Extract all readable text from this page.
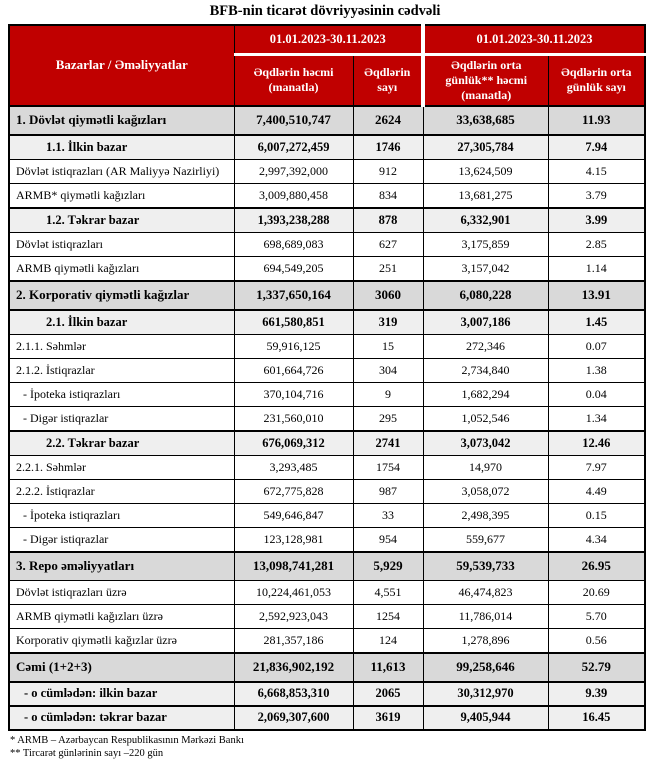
BFB-nin ticarət dövriyyəsinin cədvəli
Bazarlar / Əməliyyatlar	01.01.2023-30.11.2023		01.01.2023-30.11.2023	
	Əqdlərin həcmi (manatla)	Əqdlərin sayı	Əqdlərin orta günlük** həcmi (manatla)	Əqdlərin orta günlük sayı
1. Dövlət qiymətli kağızları	7,400,510,747	2624	33,638,685	11.93
1.1. İlkin bazar	6,007,272,459	1746	27,305,784	7.94
Dövlət istiqrazları (AR Maliyyə Nazirliyi)	2,997,392,000	912	13,624,509	4.15
ARMB* qiymətli kağızları	3,009,880,458	834	13,681,275	3.79
1.2. Təkrar bazar	1,393,238,288	878	6,332,901	3.99
Dövlət istiqrazları	698,689,083	627	3,175,859	2.85
ARMB qiymətli kağızları	694,549,205	251	3,157,042	1.14
2. Korporativ qiymətli kağızlar	1,337,650,164	3060	6,080,228	13.91
2.1. İlkin bazar	661,580,851	319	3,007,186	1.45
2.1.1. Səhmlər	59,916,125	15	272,346	0.07
2.1.2. İstiqrazlar	601,664,726	304	2,734,840	1.38
- İpoteka istiqrazları	370,104,716	9	1,682,294	0.04
- Digər istiqrazlar	231,560,010	295	1,052,546	1.34
2.2. Təkrar bazar	676,069,312	2741	3,073,042	12.46
2.2.1. Səhmlər	3,293,485	1754	14,970	7.97
2.2.2. İstiqrazlar	672,775,828	987	3,058,072	4.49
- İpoteka istiqrazları	549,646,847	33	2,498,395	0.15
- Digər istiqrazlar	123,128,981	954	559,677	4.34
3. Repo əməliyyatları	13,098,741,281	5,929	59,539,733	26.95
Dövlət istiqrazları üzrə	10,224,461,053	4,551	46,474,823	20.69
ARMB qiymətli kağızları üzrə	2,592,923,043	1254	11,786,014	5.70
Korporativ qiymətli kağızlar üzrə	281,357,186	124	1,278,896	0.56
Cəmi (1+2+3)	21,836,902,192	11,613	99,258,646	52.79
- o cümlədən: ilkin bazar	6,668,853,310	2065	30,312,970	9.39
- o cümlədən: təkrar bazar	2,069,307,600	3619	9,405,944	16.45
* ARMB – Azərbaycan Respublikasının Mərkəzi Bankı
** Tircarət günlərinin sayı –220 gün
